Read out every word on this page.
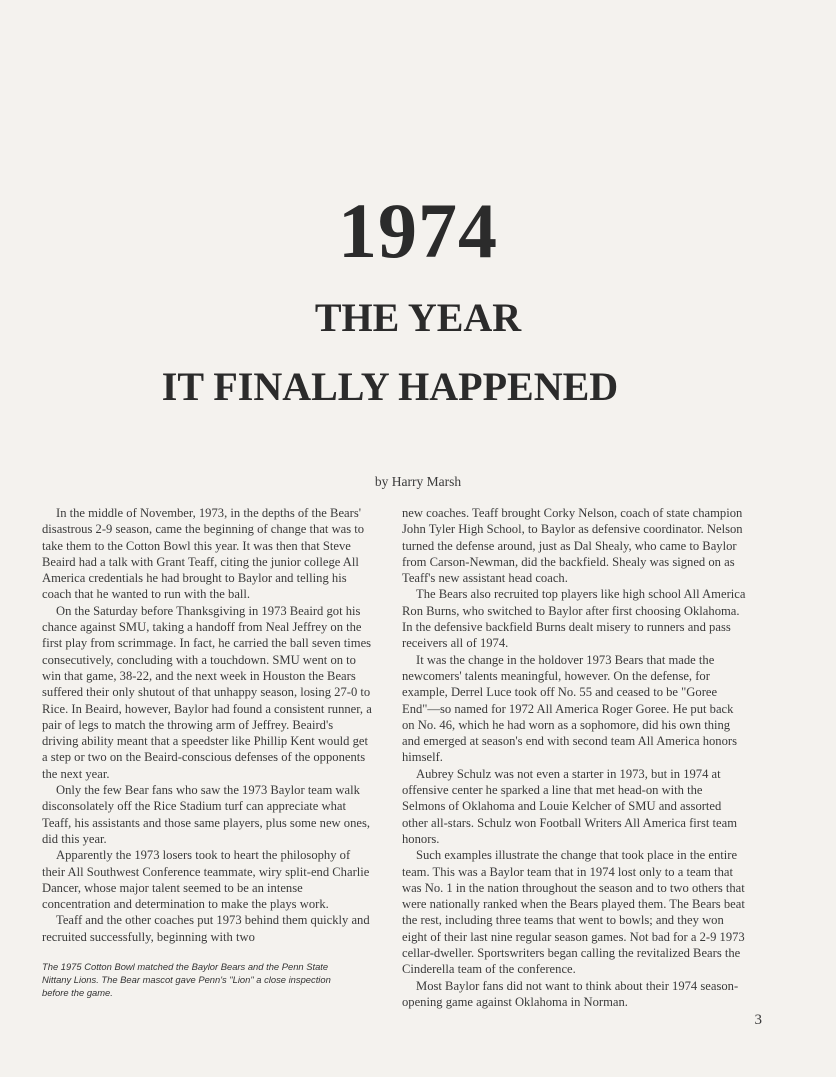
1974
THE YEAR
IT FINALLY HAPPENED
by Harry Marsh

In the middle of November, 1973, in the depths of the Bears' disastrous 2-9 season, came the beginning of change that was to take them to the Cotton Bowl this year. It was then that Steve Beaird had a talk with Grant Teaff, citing the junior college All America credentials he had brought to Baylor and telling his coach that he wanted to run with the ball.

On the Saturday before Thanksgiving in 1973 Beaird got his chance against SMU, taking a handoff from Neal Jeffrey on the first play from scrimmage. In fact, he carried the ball seven times consecutively, concluding with a touchdown. SMU went on to win that game, 38-22, and the next week in Houston the Bears suffered their only shutout of that unhappy season, losing 27-0 to Rice. In Beaird, however, Baylor had found a consistent runner, a pair of legs to match the throwing arm of Jeffrey. Beaird's driving ability meant that a speedster like Phillip Kent would get a step or two on the Beaird-conscious defenses of the opponents the next year.

Only the few Bear fans who saw the 1973 Baylor team walk disconsolately off the Rice Stadium turf can appreciate what Teaff, his assistants and those same players, plus some new ones, did this year.

Apparently the 1973 losers took to heart the philosophy of their All Southwest Conference teammate, wiry split-end Charlie Dancer, whose major talent seemed to be an intense concentration and determination to make the plays work.

Teaff and the other coaches put 1973 behind them quickly and recruited successfully, beginning with two

The 1975 Cotton Bowl matched the Baylor Bears and the Penn State Nittany Lions. The Bear mascot gave Penn's "Lion" a close inspection before the game.

new coaches. Teaff brought Corky Nelson, coach of state champion John Tyler High School, to Baylor as defensive coordinator. Nelson turned the defense around, just as Dal Shealy, who came to Baylor from Carson-Newman, did the backfield. Shealy was signed on as Teaff's new assistant head coach.

The Bears also recruited top players like high school All America Ron Burns, who switched to Baylor after first choosing Oklahoma. In the defensive backfield Burns dealt misery to runners and pass receivers all of 1974.

It was the change in the holdover 1973 Bears that made the newcomers' talents meaningful, however. On the defense, for example, Derrel Luce took off No. 55 and ceased to be "Goree End"—so named for 1972 All America Roger Goree. He put back on No. 46, which he had worn as a sophomore, did his own thing and emerged at season's end with second team All America honors himself.

Aubrey Schulz was not even a starter in 1973, but in 1974 at offensive center he sparked a line that met head-on with the Selmons of Oklahoma and Louie Kelcher of SMU and assorted other all-stars. Schulz won Football Writers All America first team honors.

Such examples illustrate the change that took place in the entire team. This was a Baylor team that in 1974 lost only to a team that was No. 1 in the nation throughout the season and to two others that were nationally ranked when the Bears played them. The Bears beat the rest, including three teams that went to bowls; and they won eight of their last nine regular season games. Not bad for a 2-9 1973 cellar-dweller. Sportswriters began calling the revitalized Bears the Cinderella team of the conference.

Most Baylor fans did not want to think about their 1974 season-opening game against Oklahoma in Norman.

3
